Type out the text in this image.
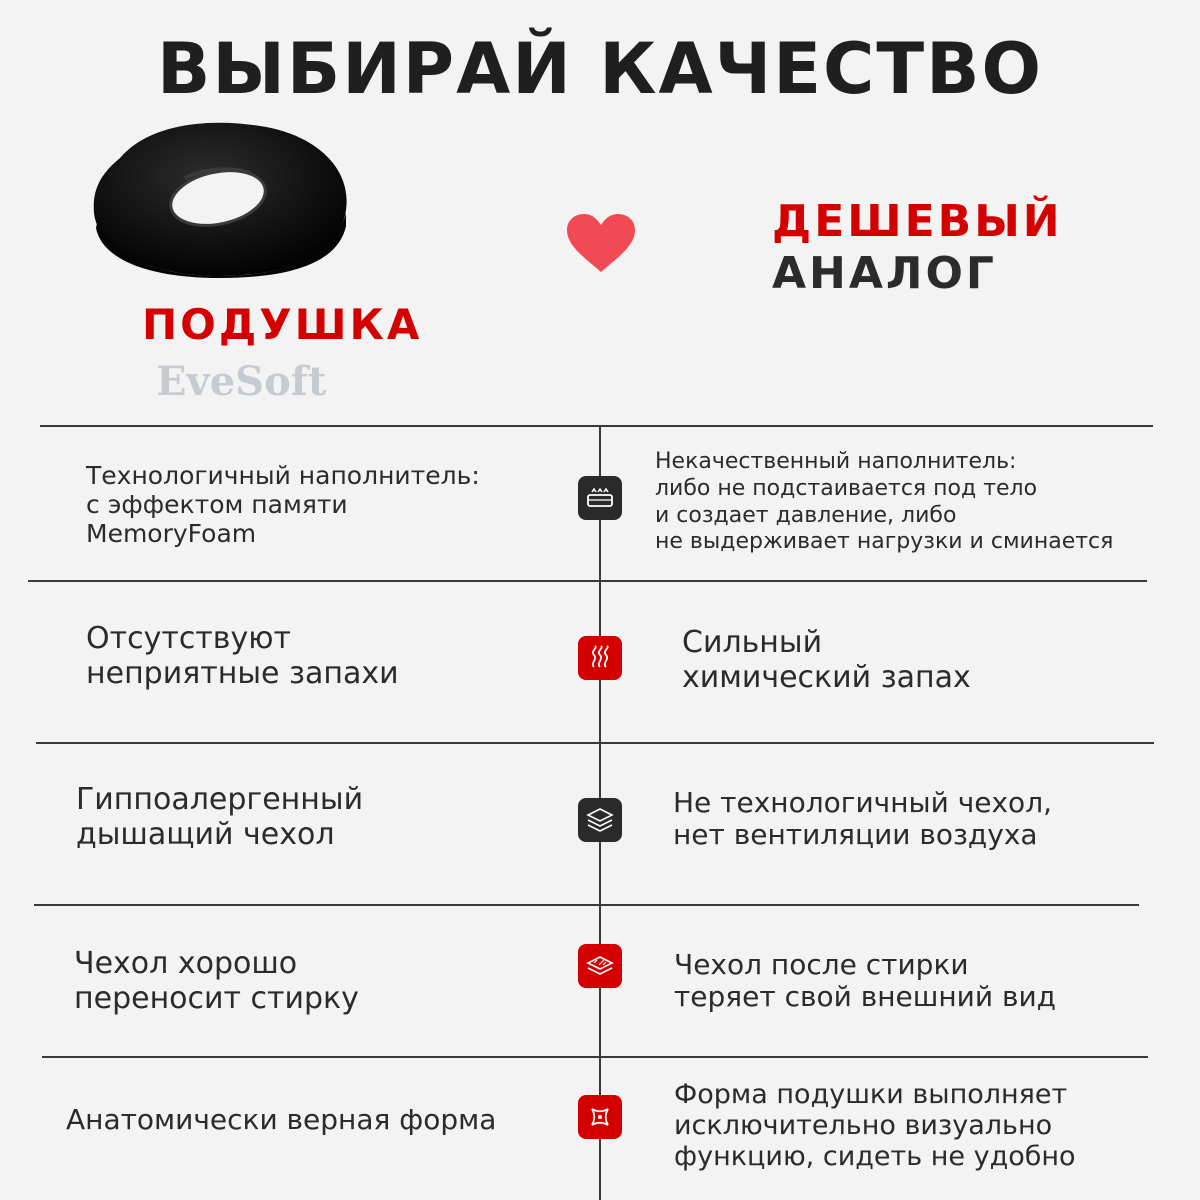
ВЫБИРАЙ КАЧЕСТВО
ПОДУШКА
EveSoft
ДЕШЕВЫЙ
АНАЛОГ
Технологичный наполнитель:
с эффектом памяти
MemoryFoam
Некачественный наполнитель:
либо не подстаивается под тело
и создает давление, либо
не выдерживает нагрузки и сминается
Отсутствуют
неприятные запахи
Сильный
химический запах
Гиппоалергенный
дышащий чехол
Не технологичный чехол,
нет вентиляции воздуха
Чехол хорошо
переносит стирку
Чехол после стирки
теряет свой внешний вид
Анатомически верная форма
Форма подушки выполняет
исключительно визуально
функцию, сидеть не удобно
